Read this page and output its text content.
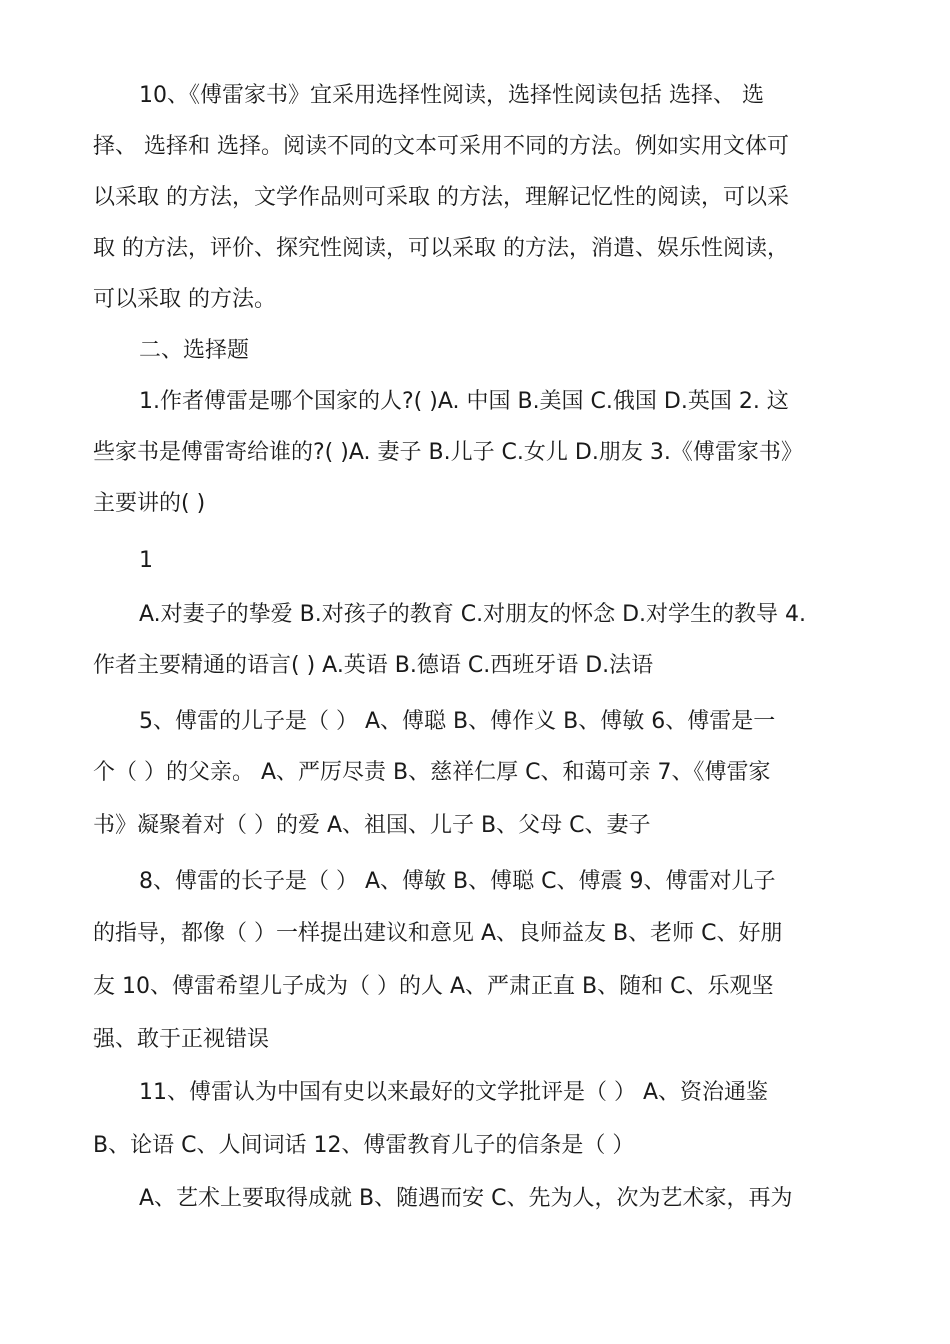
10、《傅雷家书》宜采用选择性阅读，选择性阅读包括 选择、 选
择、 选择和 选择。阅读不同的文本可采用不同的方法。例如实用文体可
以采取 的方法，文学作品则可采取 的方法，理解记忆性的阅读，可以采
取 的方法，评价、探究性阅读，可以采取 的方法，消遣、娱乐性阅读，
可以采取 的方法。
二、选择题
1.作者傅雷是哪个国家的人?( )A. 中国 B.美国 C.俄国 D.英国 2. 这
些家书是傅雷寄给谁的?( )A. 妻子 B.儿子 C.女儿 D.朋友 3.《傅雷家书》
主要讲的( )
1
A.对妻子的挚爱 B.对孩子的教育 C.对朋友的怀念 D.对学生的教导 4.
作者主要精通的语言( ) A.英语 B.德语 C.西班牙语 D.法语
5、傅雷的儿子是（ ） A、傅聪 B、傅作义 B、傅敏 6、傅雷是一
个（ ）的父亲。 A、严厉尽责 B、慈祥仁厚 C、和蔼可亲 7、《傅雷家
书》凝聚着对（ ）的爱 A、祖国、儿子 B、父母 C、妻子
8、傅雷的长子是（ ） A、傅敏 B、傅聪 C、傅震 9、傅雷对儿子
的指导，都像（ ）一样提出建议和意见 A、良师益友 B、老师 C、好朋
友 10、傅雷希望儿子成为（ ）的人 A、严肃正直 B、随和 C、乐观坚
强、敢于正视错误
11、傅雷认为中国有史以来最好的文学批评是（ ） A、资治通鉴
B、论语 C、人间词话 12、傅雷教育儿子的信条是（ ）
A、艺术上要取得成就 B、随遇而安 C、先为人，次为艺术家，再为
